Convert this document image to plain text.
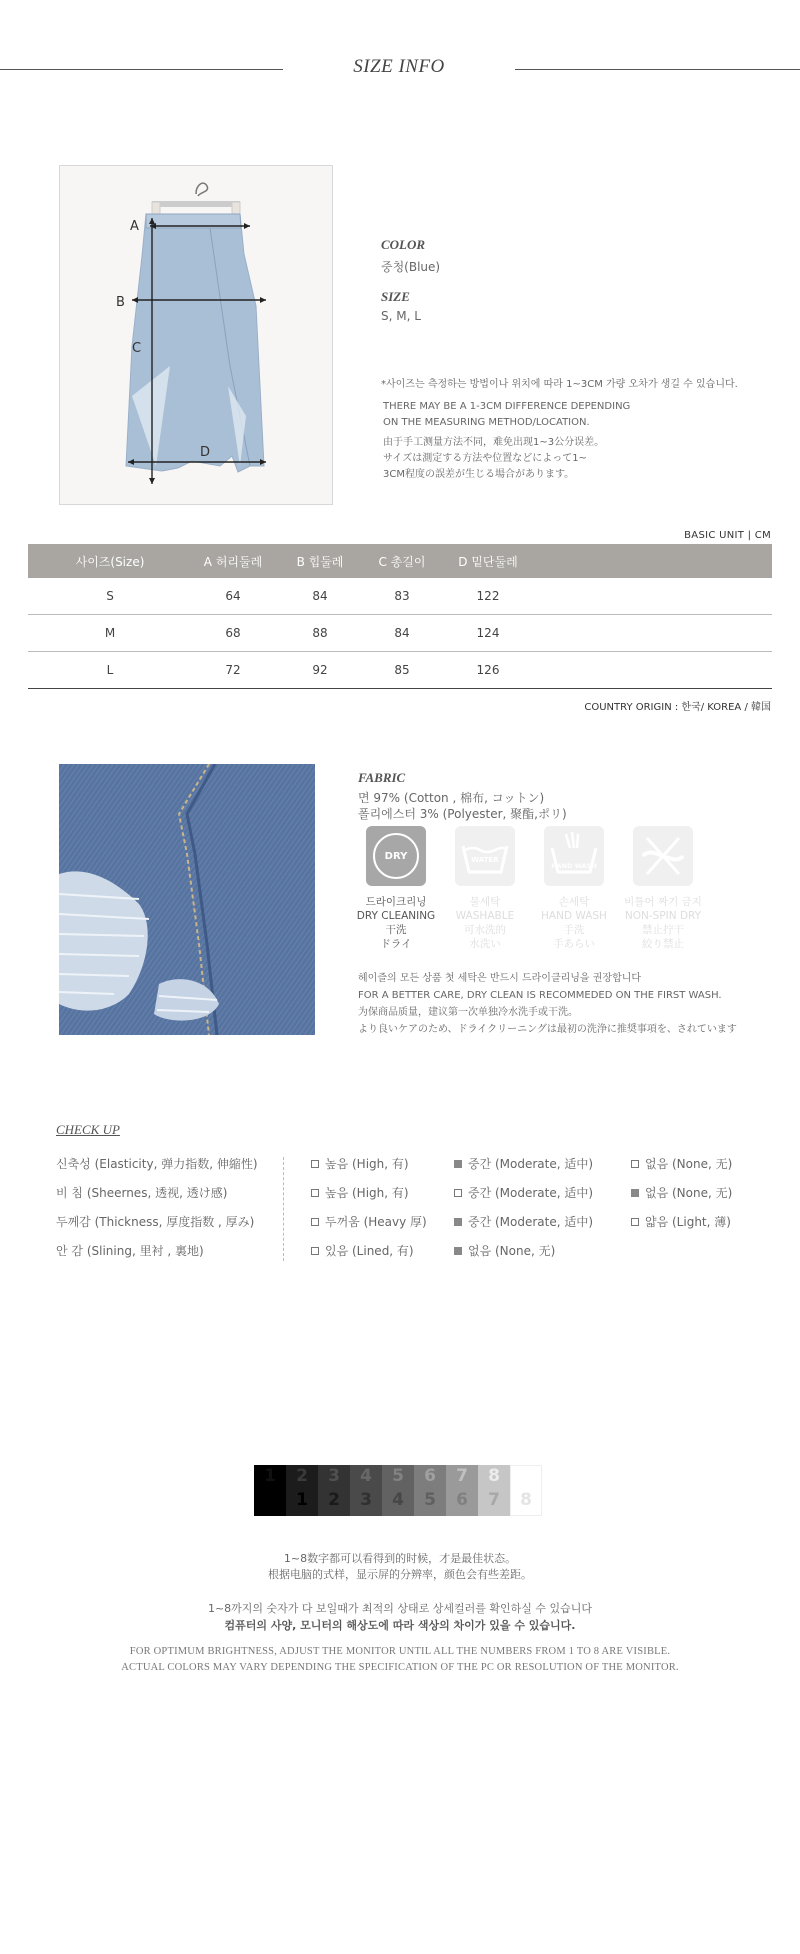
SIZE INFO
A
B
C
D
COLOR
중청(Blue)
SIZE
S, M, L
*사이즈는 측정하는 방법이나 위치에 따라 1~3CM 가량 오차가 생길 수 있습니다.
THERE MAY BE A 1-3CM DIFFERENCE DEPENDING
ON THE MEASURING METHOD/LOCATION.
由于手工测量方法不同，难免出现1~3公分误差。
サイズは測定する方法や位置などによって1~
3CM程度の誤差が生じる場合があります。
BASIC UNIT | CM
사이즈(Size)	A 허리둘레	B 힙둘레	C 총길이	D 밑단둘레
S	64	84	83	122
M	68	88	84	124
L	72	92	85	126
COUNTRY ORIGIN : 한국/ KOREA / 韓国
FABRIC
면 97% (Cotton , 棉布, コットン)
폴리에스터 3% (Polyester, 聚酯,ポリ)
DRY	WATER
HAND WASH
드라이크리닝
DRY CLEANING
干洗
ドライ
물세탁
WASHABLE
可水洗的
水洗い
손세탁
HAND WASH
手洗
手あらい
비틀어 짜기 금지
NON-SPIN DRY
禁止拧干
絞り禁止
헤이즐의 모든 상품 첫 세탁은 반드시 드라이클리닝을 권장합니다
FOR A BETTER CARE, DRY CLEAN IS RECOMMEDED ON THE FIRST WASH.
为保商品质量，建议第一次单独冷水洗手或干洗。
より良いケアのため、ドライクリーニングは最初の洗浄に推奨事項を、されています
CHECK UP
신축성 (Elasticity, 弹力指数, 伸縮性)	높음 (High, 有)	중간 (Moderate, 适中)	없음 (None, 无)
비 침 (Sheernes, 透视, 透け感)	높음 (High, 有)	중간 (Moderate, 适中)	없음 (None, 无)
두께감 (Thickness, 厚度指数 , 厚み)	두꺼움 (Heavy 厚)	중간 (Moderate, 适中)	얇음 (Light, 薄)
안 감 (Slining, 里衬 , 裏地)	있음 (Lined, 有)	없음 (None, 无)
1	2
1
3
2
4
3
5
4
6
5
7
6
8
7	8
1~8数字都可以看得到的时候，才是最佳状态。
根据电脑的式样，显示屏的分辨率，颜色会有些差距。
1~8까지의 숫자가 다 보일때가 최적의 상태로 상세컬러를 확인하실 수 있습니다
컴퓨터의 사양, 모니터의 해상도에 따라 색상의 차이가 있을 수 있습니다.
FOR OPTIMUM BRIGHTNESS, ADJUST THE MONITOR UNTIL ALL THE NUMBERS FROM 1 TO 8 ARE VISIBLE.
ACTUAL COLORS MAY VARY DEPENDING THE SPECIFICATION OF THE PC OR RESOLUTION OF THE MONITOR.
